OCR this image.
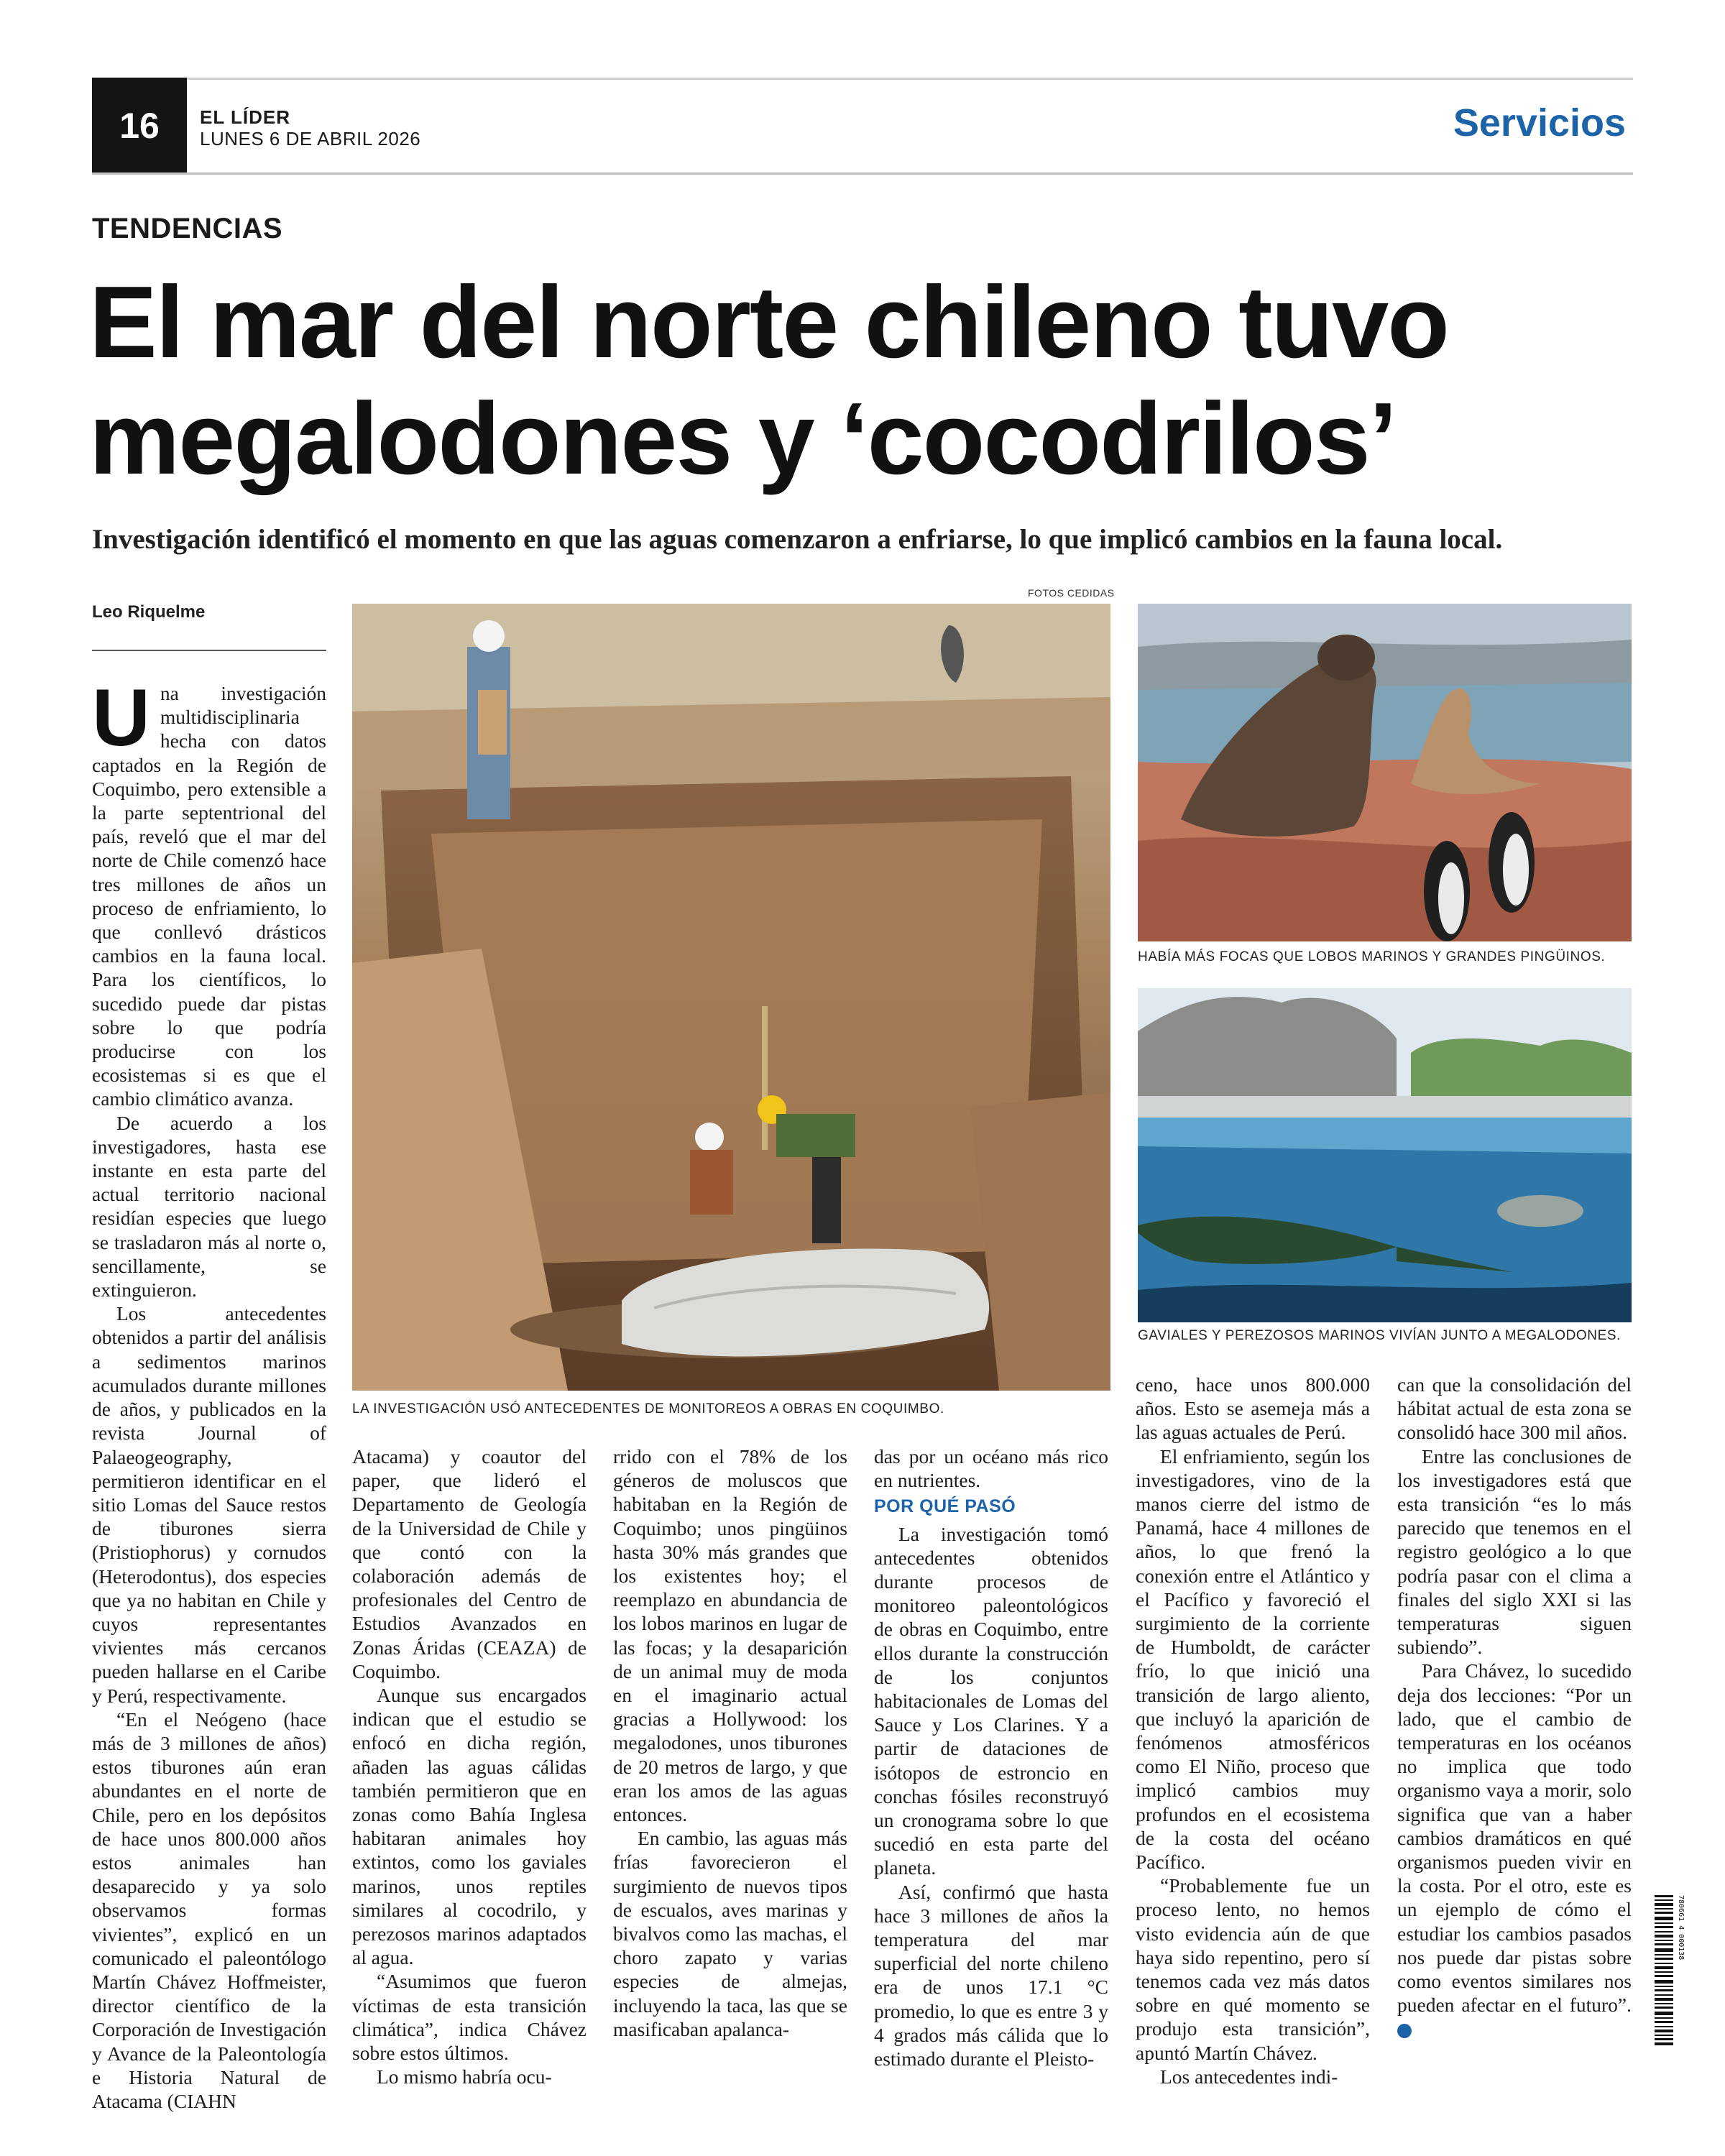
16	EL LÍDER
LUNES 6 DE ABRIL 2026	Servicios
TENDENCIAS
El mar del norte chileno tuvo megalodones y ‘cocodrilos’
Investigación identificó el momento en que las aguas comenzaron a enfriarse, lo que implicó cambios en la fauna local.
Leo Riquelme
FOTOS CEDIDAS
LA INVESTIGACIÓN USÓ ANTECEDENTES DE MONITOREOS A OBRAS EN COQUIMBO.
HABÍA MÁS FOCAS QUE LOBOS MARINOS Y GRANDES PINGÜINOS.
GAVIALES Y PEREZOSOS MARINOS VIVÍAN JUNTO A MEGALODONES.

Una investigación multidisciplinaria hecha con datos captados en la Región de Coquimbo, pero extensible a la parte septentrional del país, reveló que el mar del norte de Chile comenzó hace tres millones de años un proceso de enfriamiento, lo que conllevó drásticos cambios en la fauna local. Para los científicos, lo sucedido puede dar pistas sobre lo que podría producirse con los ecosistemas si es que el cambio climático avanza.

De acuerdo a los investigadores, hasta ese instante en esta parte del actual territorio nacional residían especies que luego se trasladaron más al norte o, sencillamente, se extinguieron.

Los antecedentes obtenidos a partir del análisis a sedimentos marinos acumulados durante millones de años, y publicados en la revista Journal of Palaeogeography, permitieron identificar en el sitio Lomas del Sauce restos de tiburones sierra (Pristiophorus) y cornudos (Heterodontus), dos especies que ya no habitan en Chile y cuyos representantes vivientes más cercanos pueden hallarse en el Caribe y Perú, respectivamente.

“En el Neógeno (hace más de 3 millones de años) estos tiburones aún eran abundantes en el norte de Chile, pero en los depósitos de hace unos 800.000 años estos animales han desaparecido y ya solo observamos formas vivientes”, explicó en un comunicado el paleontólogo Martín Chávez Hoffmeister, director científico de la Corporación de Investigación y Avance de la Paleontología e Historia Natural de Atacama (CIAHN

Atacama) y coautor del paper, que lideró el Departamento de Geología de la Universidad de Chile y que contó con la colaboración además de profesionales del Centro de Estudios Avanzados en Zonas Áridas (CEAZA) de Coquimbo.

Aunque sus encargados indican que el estudio se enfocó en dicha región, añaden las aguas cálidas también permitieron que en zonas como Bahía Inglesa habitaran animales hoy extintos, como los gaviales marinos, unos reptiles similares al cocodrilo, y perezosos marinos adaptados al agua.

“Asumimos que fueron víctimas de esta transición climática”, indica Chávez sobre estos últimos.

Lo mismo habría ocu-

rrido con el 78% de los géneros de moluscos que habitaban en la Región de Coquimbo; unos pingüinos hasta 30% más grandes que los existentes hoy; el reemplazo en abundancia de los lobos marinos en lugar de las focas; y la desaparición de un animal muy de moda en el imaginario actual gracias a Hollywood: los megalodones, unos tiburones de 20 metros de largo, y que eran los amos de las aguas entonces.

En cambio, las aguas más frías favorecieron el surgimiento de nuevos tipos de escualos, aves marinas y bivalvos como las machas, el choro zapato y varias especies de almejas, incluyendo la taca, las que se masificaban apalanca-

das por un océano más rico en nutrientes.

POR QUÉ PASÓ

La investigación tomó antecedentes obtenidos durante procesos de monitoreo paleontológicos de obras en Coquimbo, entre ellos durante la construcción de los conjuntos habitacionales de Lomas del Sauce y Los Clarines. Y a partir de dataciones de isótopos de estroncio en conchas fósiles reconstruyó un cronograma sobre lo que sucedió en esta parte del planeta.

Así, confirmó que hasta hace 3 millones de años la temperatura del mar superficial del norte chileno era de unos 17.1 °C promedio, lo que es entre 3 y 4 grados más cálida que lo estimado durante el Pleisto-

ceno, hace unos 800.000 años. Esto se asemeja más a las aguas actuales de Perú.

El enfriamiento, según los investigadores, vino de la manos cierre del istmo de Panamá, hace 4 millones de años, lo que frenó la conexión entre el Atlántico y el Pacífico y favoreció el surgimiento de la corriente de Humboldt, de carácter frío, lo que inició una transición de largo aliento, que incluyó la aparición de fenómenos atmosféricos como El Niño, proceso que implicó cambios muy profundos en el ecosistema de la costa del océano Pacífico.

“Probablemente fue un proceso lento, no hemos visto evidencia aún de que haya sido repentino, pero sí tenemos cada vez más datos sobre en qué momento se produjo esta transición”, apuntó Martín Chávez.

Los antecedentes indi-

can que la consolidación del hábitat actual de esta zona se consolidó hace 300 mil años.

Entre las conclusiones de los investigadores está que esta transición “es lo más parecido que tenemos en el registro geológico a lo que podría pasar con el clima a finales del siglo XXI si las temperaturas siguen subiendo”.

Para Chávez, lo sucedido deja dos lecciones: “Por un lado, que el cambio de temperaturas en los océanos no implica que todo organismo vaya a morir, solo significa que van a haber cambios dramáticos en qué organismos pueden vivir en la costa. Por el otro, este es un ejemplo de cómo el estudiar los cambios pasados nos puede dar pistas sobre como eventos similares nos pueden afectar en el futuro”. ✪

780661 4 000138
